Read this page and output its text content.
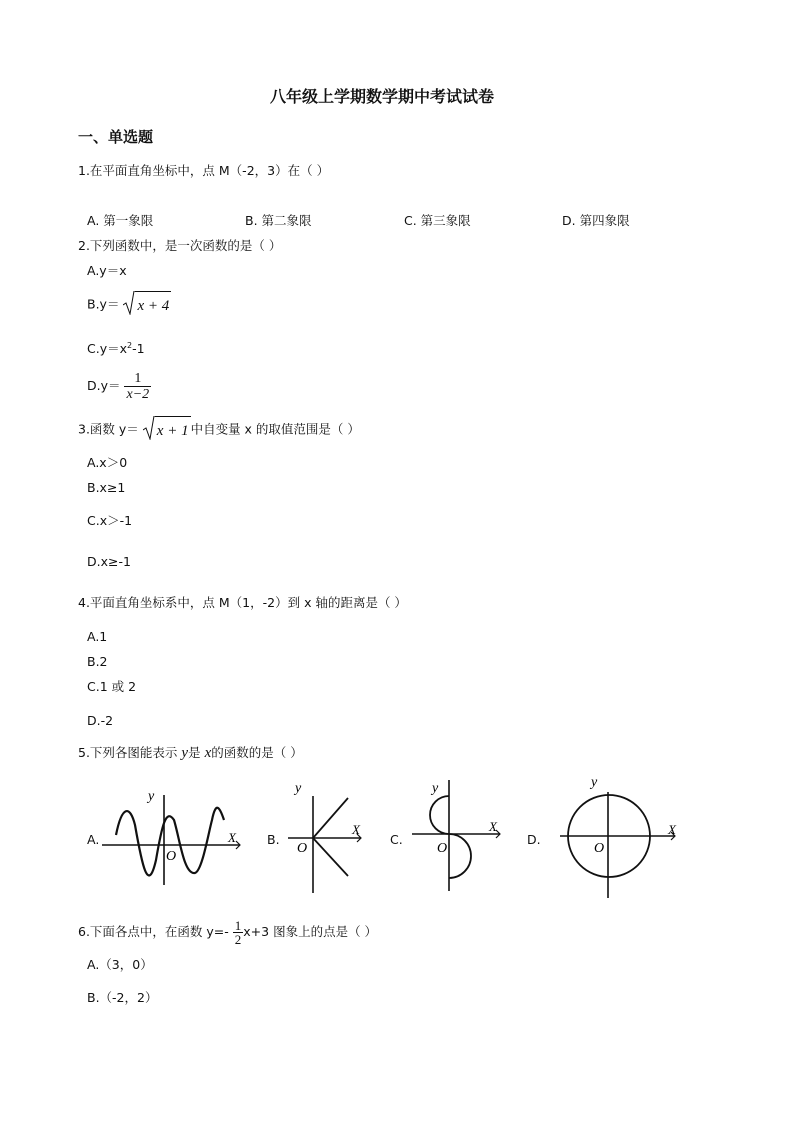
八年级上学期数学期中考试试卷
一、单选题
1.在平面直角坐标中，点 M（-2，3）在（ ）
A. 第一象限	B. 第二象限	C. 第三象限	D. 第四象限
2.下列函数中，是一次函数的是（ ）
A.y＝x
B.y＝ x + 4
$C.y=x^2-1$
$D.y= \frac{1}{x-2}$
3.函数 y＝ x + 1 中自变量 x 的取值范围是（ ）
A.x＞0
B.x≥1
C.x＞-1
D.x≥-1
4.平面直角坐标系中，点 M（1，-2）到 x 轴的距离是（ ）
A.1
B.2
C.1 或 2
D.-2
5.下列各图能表示 y是 x的函数的是（ ）
A.	B.	C.	D.
y
O
X
y
O
X
y
O
X
y
O
X
6.下面各点中，在函数 $y=- \frac{1}{2} x+3$ 图象上的点是（ ）
A.（3，0）
B.（-2，2）
